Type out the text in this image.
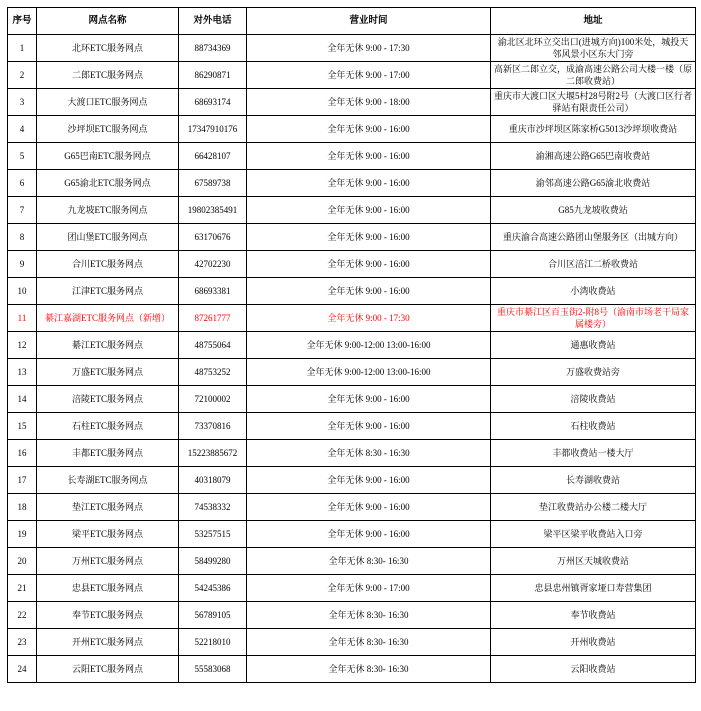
序号	网点名称	对外电话	营业时间	地址
1	北环ETC服务网点	88734369	全年无休 9:00 - 17:30	渝北区北环立交出口(进城方向)100米处，城投天邻风景小区东大门旁
2	二郎ETC服务网点	86290871	全年无休 9:00 - 17:00	高新区二郎立交，成渝高速公路公司大楼一楼（原二郎收费站）
3	大渡口ETC服务网点	68693174	全年无休 9:00 - 18:00	重庆市大渡口区大堰5村28号附2号（大渡口区行者驿站有限责任公司）
4	沙坪坝ETC服务网点	17347910176	全年无休 9:00 - 16:00	重庆市沙坪坝区陈家桥G5013沙坪坝收费站
5	G65巴南ETC服务网点	66428107	全年无休 9:00 - 16:00	渝湘高速公路G65巴南收费站
6	G65渝北ETC服务网点	67589738	全年无休 9:00 - 16:00	渝邻高速公路G65渝北收费站
7	九龙坡ETC服务网点	19802385491	全年无休 9:00 - 16:00	G85九龙坡收费站
8	团山堡ETC服务网点	63170676	全年无休 9:00 - 16:00	重庆渝合高速公路团山堡服务区（出城方向）
9	合川ETC服务网点	42702230	全年无休 9:00 - 16:00	合川区涪江二桥收费站
10	江津ETC服务网点	68693381	全年无休 9:00 - 16:00	小湾收费站
11	綦江嘉湖ETC服务网点（新增）	87261777	全年无休 9:00 - 17:30	重庆市綦江区百玉街2-附8号（渝南市场老干局家属楼旁）
12	綦江ETC服务网点	48755064	全年无休 9:00-12:00 13:00-16:00	通惠收费站
13	万盛ETC服务网点	48753252	全年无休 9:00-12:00 13:00-16:00	万盛收费站旁
14	涪陵ETC服务网点	72100002	全年无休 9:00 - 16:00	涪陵收费站
15	石柱ETC服务网点	73370816	全年无休 9:00 - 16:00	石柱收费站
16	丰都ETC服务网点	15223885672	全年无休 8:30 - 16:30	丰都收费站一楼大厅
17	长寿湖ETC服务网点	40318079	全年无休 9:00 - 16:00	长寿湖收费站
18	垫江ETC服务网点	74538332	全年无休 9:00 - 16:00	垫江收费站办公楼二楼大厅
19	梁平ETC服务网点	53257515	全年无休 9:00 - 16:00	梁平区梁平收费站入口旁
20	万州ETC服务网点	58499280	全年无休 8:30- 16:30	万州区天城收费站
21	忠县ETC服务网点	54245386	全年无休 9:00 - 17:00	忠县忠州镇胥家垭口寿营集团
22	奉节ETC服务网点	56789105	全年无休 8:30- 16:30	奉节收费站
23	开州ETC服务网点	52218010	全年无休 8:30- 16:30	开州收费站
24	云阳ETC服务网点	55583068	全年无休 8:30- 16:30	云阳收费站
